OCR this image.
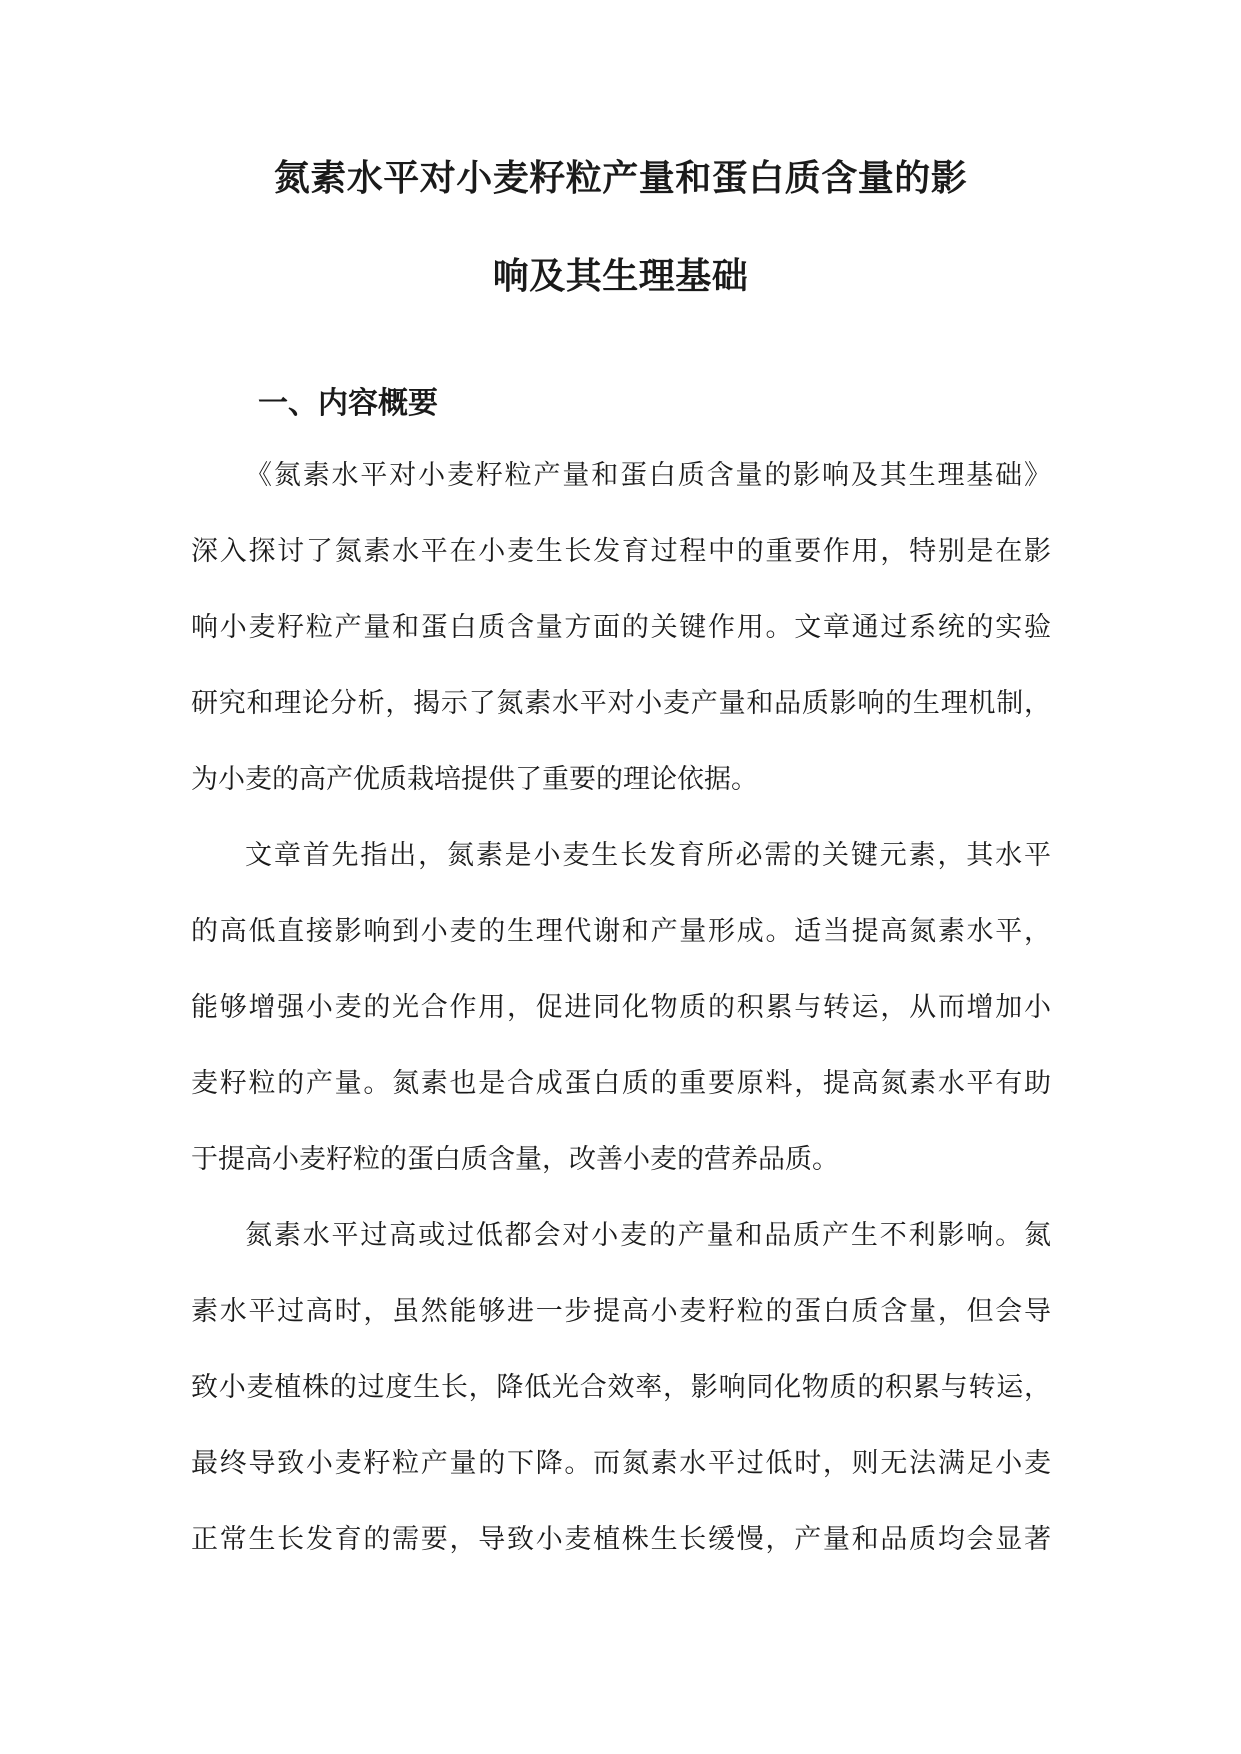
氮素水平对小麦籽粒产量和蛋白质含量的影
响及其生理基础
一、内容概要
《氮素水平对小麦籽粒产量和蛋白质含量的影响及其生理基础》
深入探讨了氮素水平在小麦生长发育过程中的重要作用，特别是在影
响小麦籽粒产量和蛋白质含量方面的关键作用。文章通过系统的实验
研究和理论分析，揭示了氮素水平对小麦产量和品质影响的生理机制，
为小麦的高产优质栽培提供了重要的理论依据。
文章首先指出，氮素是小麦生长发育所必需的关键元素，其水平
的高低直接影响到小麦的生理代谢和产量形成。适当提高氮素水平，
能够增强小麦的光合作用，促进同化物质的积累与转运，从而增加小
麦籽粒的产量。氮素也是合成蛋白质的重要原料，提高氮素水平有助
于提高小麦籽粒的蛋白质含量，改善小麦的营养品质。
氮素水平过高或过低都会对小麦的产量和品质产生不利影响。氮
素水平过高时，虽然能够进一步提高小麦籽粒的蛋白质含量，但会导
致小麦植株的过度生长，降低光合效率，影响同化物质的积累与转运，
最终导致小麦籽粒产量的下降。而氮素水平过低时，则无法满足小麦
正常生长发育的需要，导致小麦植株生长缓慢，产量和品质均会显著
